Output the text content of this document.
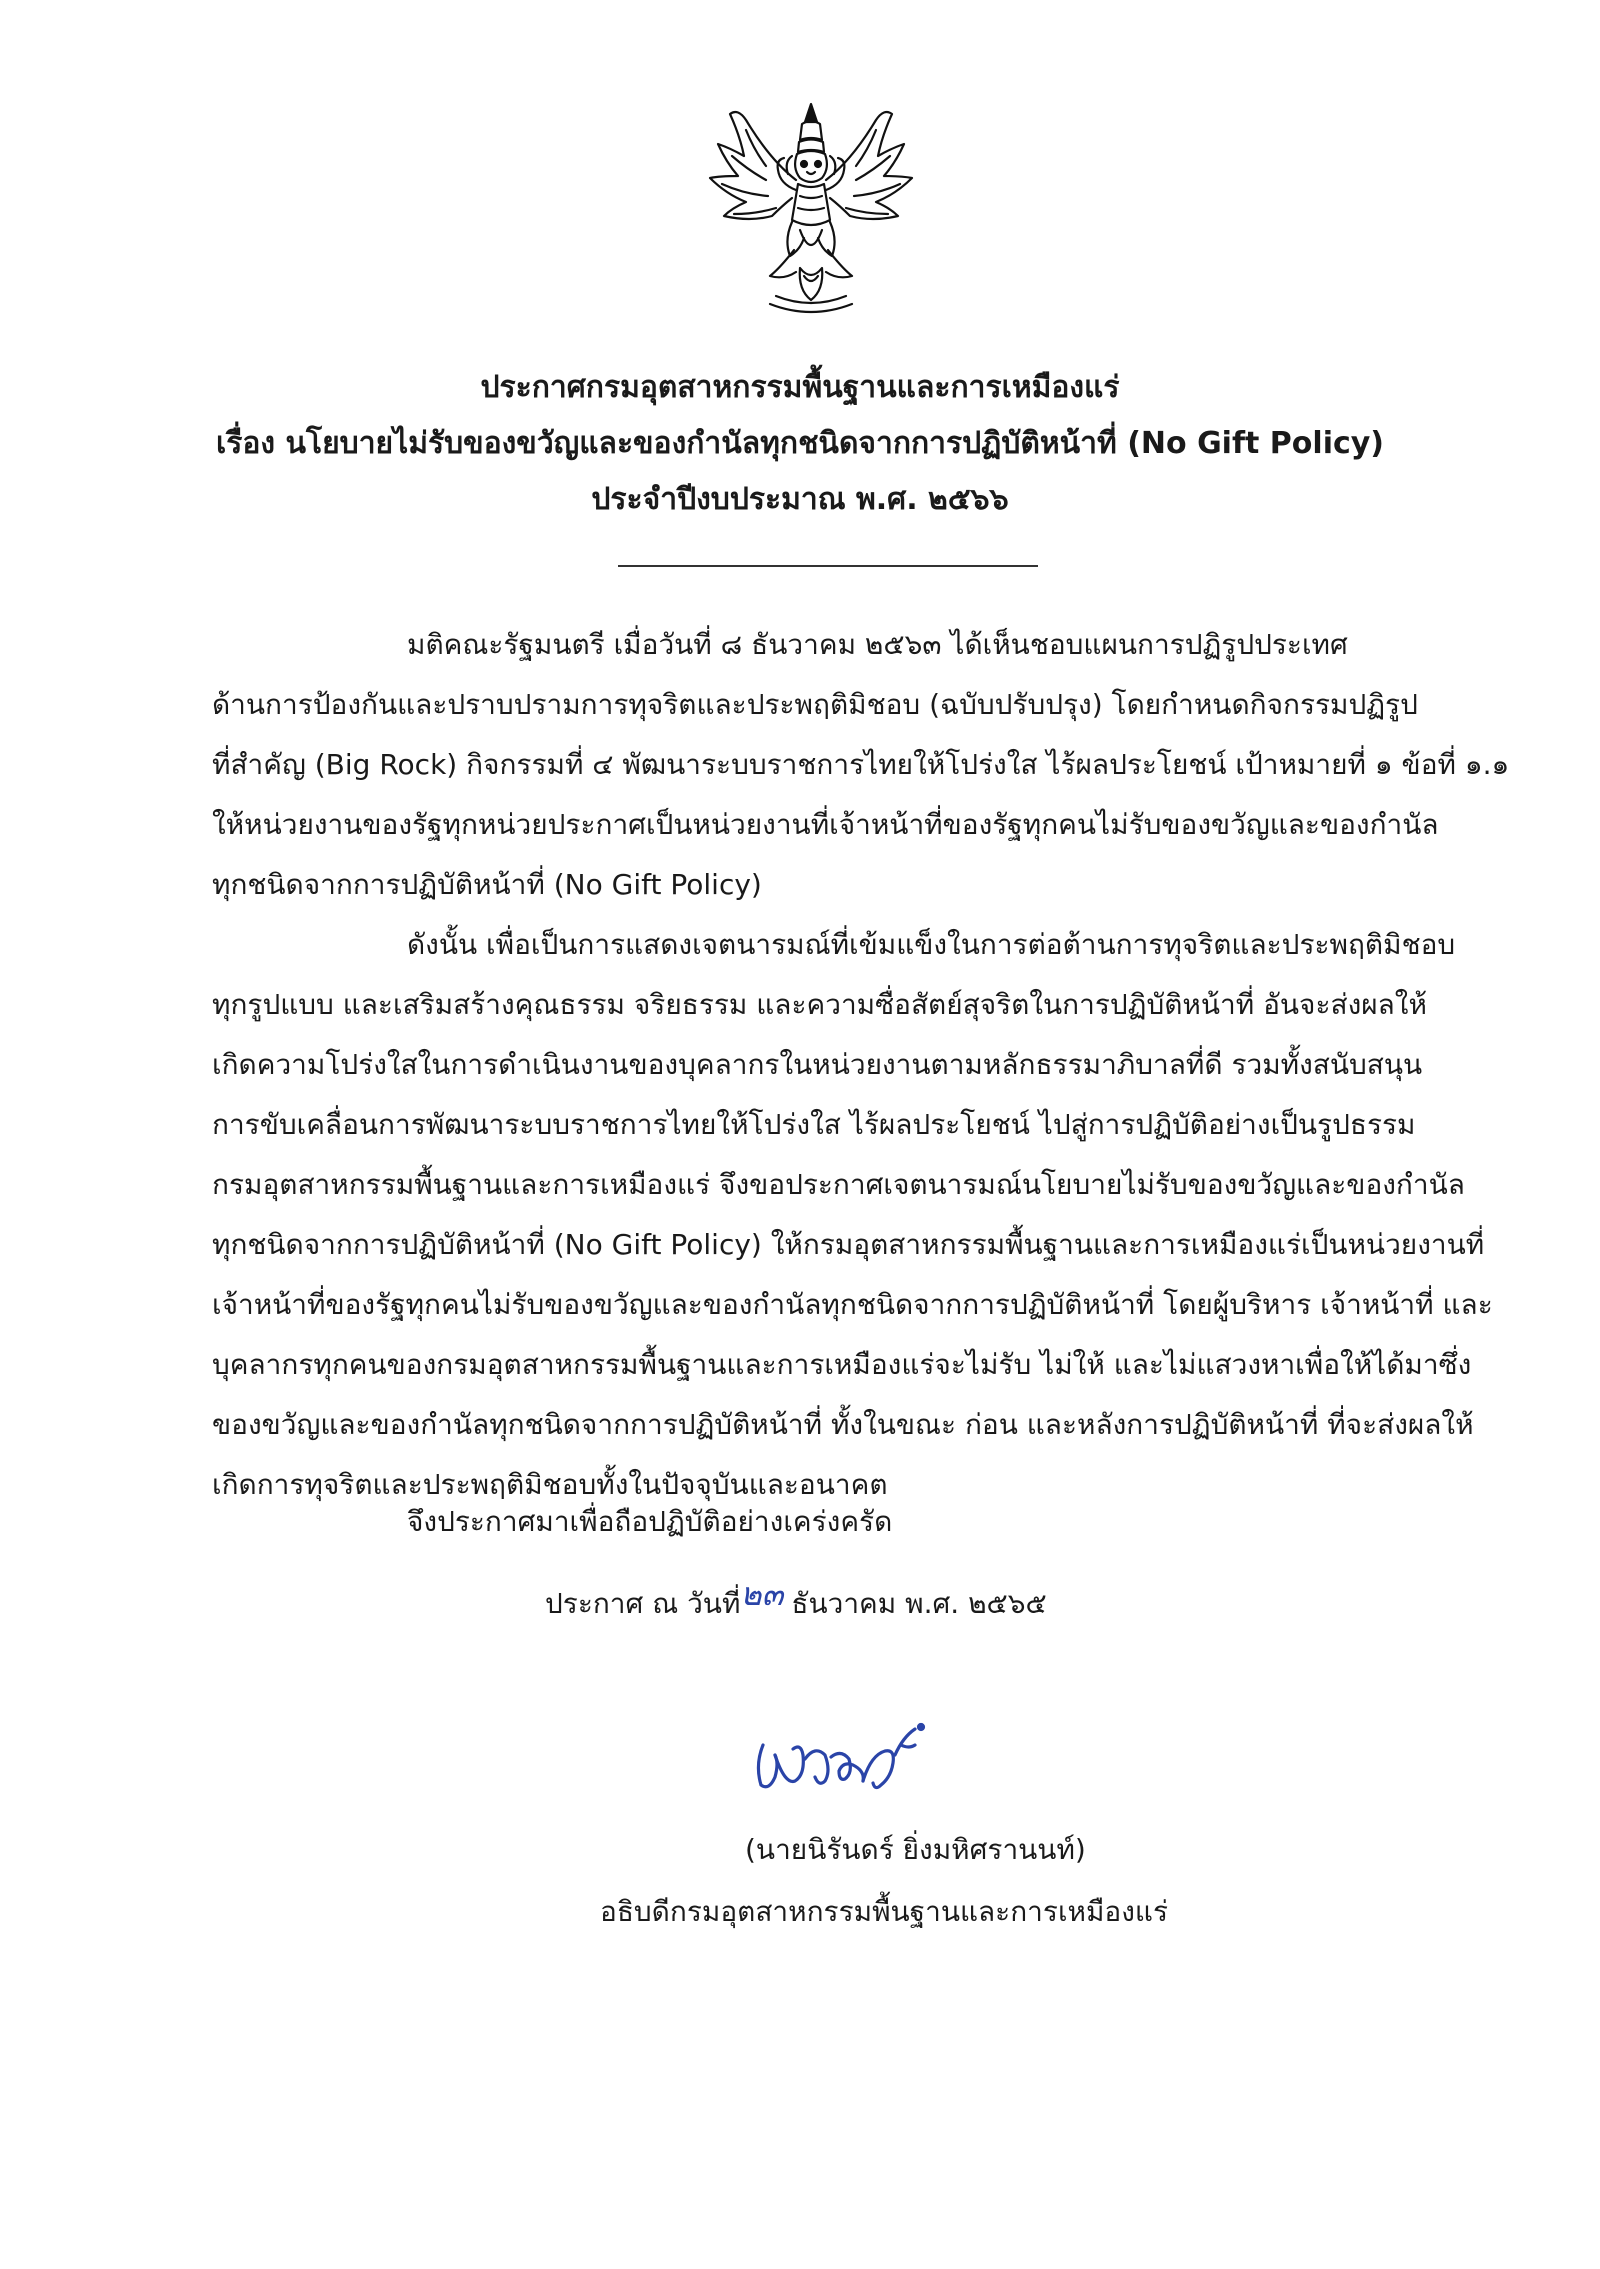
ประกาศกรมอุตสาหกรรมพื้นฐานและการเหมืองแร่
เรื่อง นโยบายไม่รับของขวัญและของกำนัลทุกชนิดจากการปฏิบัติหน้าที่ (No Gift Policy)
ประจำปีงบประมาณ พ.ศ. ๒๕๖๖
มติคณะรัฐมนตรี เมื่อวันที่ ๘ ธันวาคม ๒๕๖๓ ได้เห็นชอบแผนการปฏิรูปประเทศ
ด้านการป้องกันและปราบปรามการทุจริตและประพฤติมิชอบ (ฉบับปรับปรุง) โดยกำหนดกิจกรรมปฏิรูป
ที่สำคัญ (Big Rock) กิจกรรมที่ ๔ พัฒนาระบบราชการไทยให้โปร่งใส ไร้ผลประโยชน์ เป้าหมายที่ ๑ ข้อที่ ๑.๑
ให้หน่วยงานของรัฐทุกหน่วยประกาศเป็นหน่วยงานที่เจ้าหน้าที่ของรัฐทุกคนไม่รับของขวัญและของกำนัล
ทุกชนิดจากการปฏิบัติหน้าที่ (No Gift Policy)
ดังนั้น เพื่อเป็นการแสดงเจตนารมณ์ที่เข้มแข็งในการต่อต้านการทุจริตและประพฤติมิชอบ
ทุกรูปแบบ และเสริมสร้างคุณธรรม จริยธรรม และความซื่อสัตย์สุจริตในการปฏิบัติหน้าที่ อันจะส่งผลให้
เกิดความโปร่งใสในการดำเนินงานของบุคลากรในหน่วยงานตามหลักธรรมาภิบาลที่ดี รวมทั้งสนับสนุน
การขับเคลื่อนการพัฒนาระบบราชการไทยให้โปร่งใส ไร้ผลประโยชน์ ไปสู่การปฏิบัติอย่างเป็นรูปธรรม
กรมอุตสาหกรรมพื้นฐานและการเหมืองแร่ จึงขอประกาศเจตนารมณ์นโยบายไม่รับของขวัญและของกำนัล
ทุกชนิดจากการปฏิบัติหน้าที่ (No Gift Policy) ให้กรมอุตสาหกรรมพื้นฐานและการเหมืองแร่เป็นหน่วยงานที่
เจ้าหน้าที่ของรัฐทุกคนไม่รับของขวัญและของกำนัลทุกชนิดจากการปฏิบัติหน้าที่ โดยผู้บริหาร เจ้าหน้าที่ และ
บุคลากรทุกคนของกรมอุตสาหกรรมพื้นฐานและการเหมืองแร่จะไม่รับ ไม่ให้ และไม่แสวงหาเพื่อให้ได้มาซึ่ง
ของขวัญและของกำนัลทุกชนิดจากการปฏิบัติหน้าที่ ทั้งในขณะ ก่อน และหลังการปฏิบัติหน้าที่ ที่จะส่งผลให้
เกิดการทุจริตและประพฤติมิชอบทั้งในปัจจุบันและอนาคต
จึงประกาศมาเพื่อถือปฏิบัติอย่างเคร่งครัด
ประกาศ ณ วันที่๒๓ ธันวาคม พ.ศ. ๒๕๖๕
(นายนิรันดร์ ยิ่งมหิศรานนท์)
อธิบดีกรมอุตสาหกรรมพื้นฐานและการเหมืองแร่
